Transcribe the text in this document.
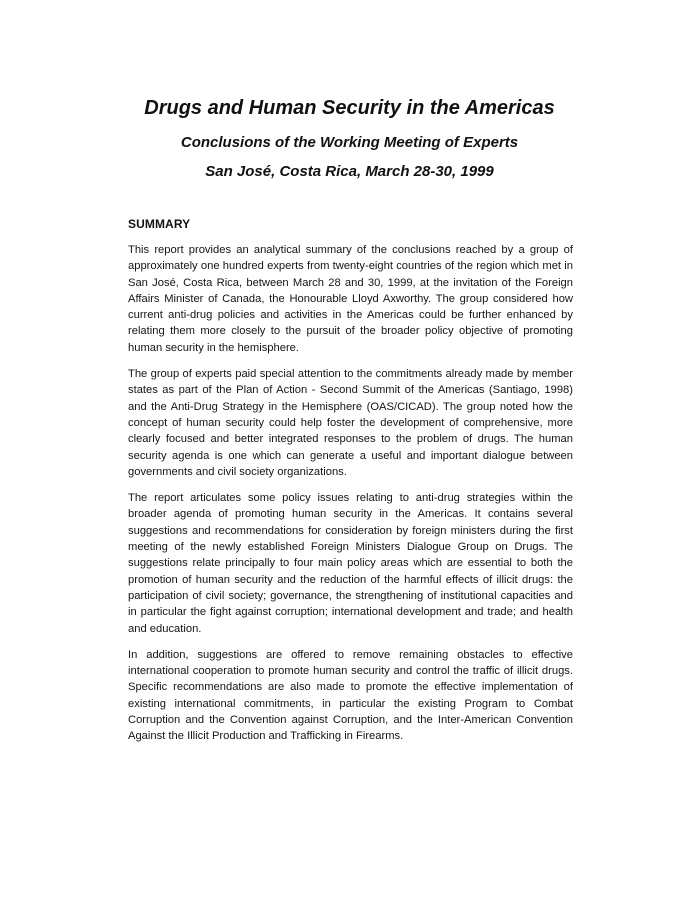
Drugs and Human Security in the Americas
Conclusions of the Working Meeting of Experts
San José, Costa Rica, March 28-30, 1999
SUMMARY

This report provides an analytical summary of the conclusions reached by a group of approximately one hundred experts from twenty-eight countries of the region which met in San José, Costa Rica, between March 28 and 30, 1999, at the invitation of the Foreign Affairs Minister of Canada, the Honourable Lloyd Axworthy. The group considered how current anti-drug policies and activities in the Americas could be further enhanced by relating them more closely to the pursuit of the broader policy objective of promoting human security in the hemisphere.

The group of experts paid special attention to the commitments already made by member states as part of the Plan of Action - Second Summit of the Americas (Santiago, 1998) and the Anti-Drug Strategy in the Hemisphere (OAS/CICAD). The group noted how the concept of human security could help foster the development of comprehensive, more clearly focused and better integrated responses to the problem of drugs. The human security agenda is one which can generate a useful and important dialogue between governments and civil society organizations.

The report articulates some policy issues relating to anti-drug strategies within the broader agenda of promoting human security in the Americas. It contains several suggestions and recommendations for consideration by foreign ministers during the first meeting of the newly established Foreign Ministers Dialogue Group on Drugs. The suggestions relate principally to four main policy areas which are essential to both the promotion of human security and the reduction of the harmful effects of illicit drugs: the participation of civil society; governance, the strengthening of institutional capacities and in particular the fight against corruption; international development and trade; and health and education.

In addition, suggestions are offered to remove remaining obstacles to effective international cooperation to promote human security and control the traffic of illicit drugs. Specific recommendations are also made to promote the effective implementation of existing international commitments, in particular the existing Program to Combat Corruption and the Convention against Corruption, and the Inter-American Convention Against the Illicit Production and Trafficking in Firearms.
